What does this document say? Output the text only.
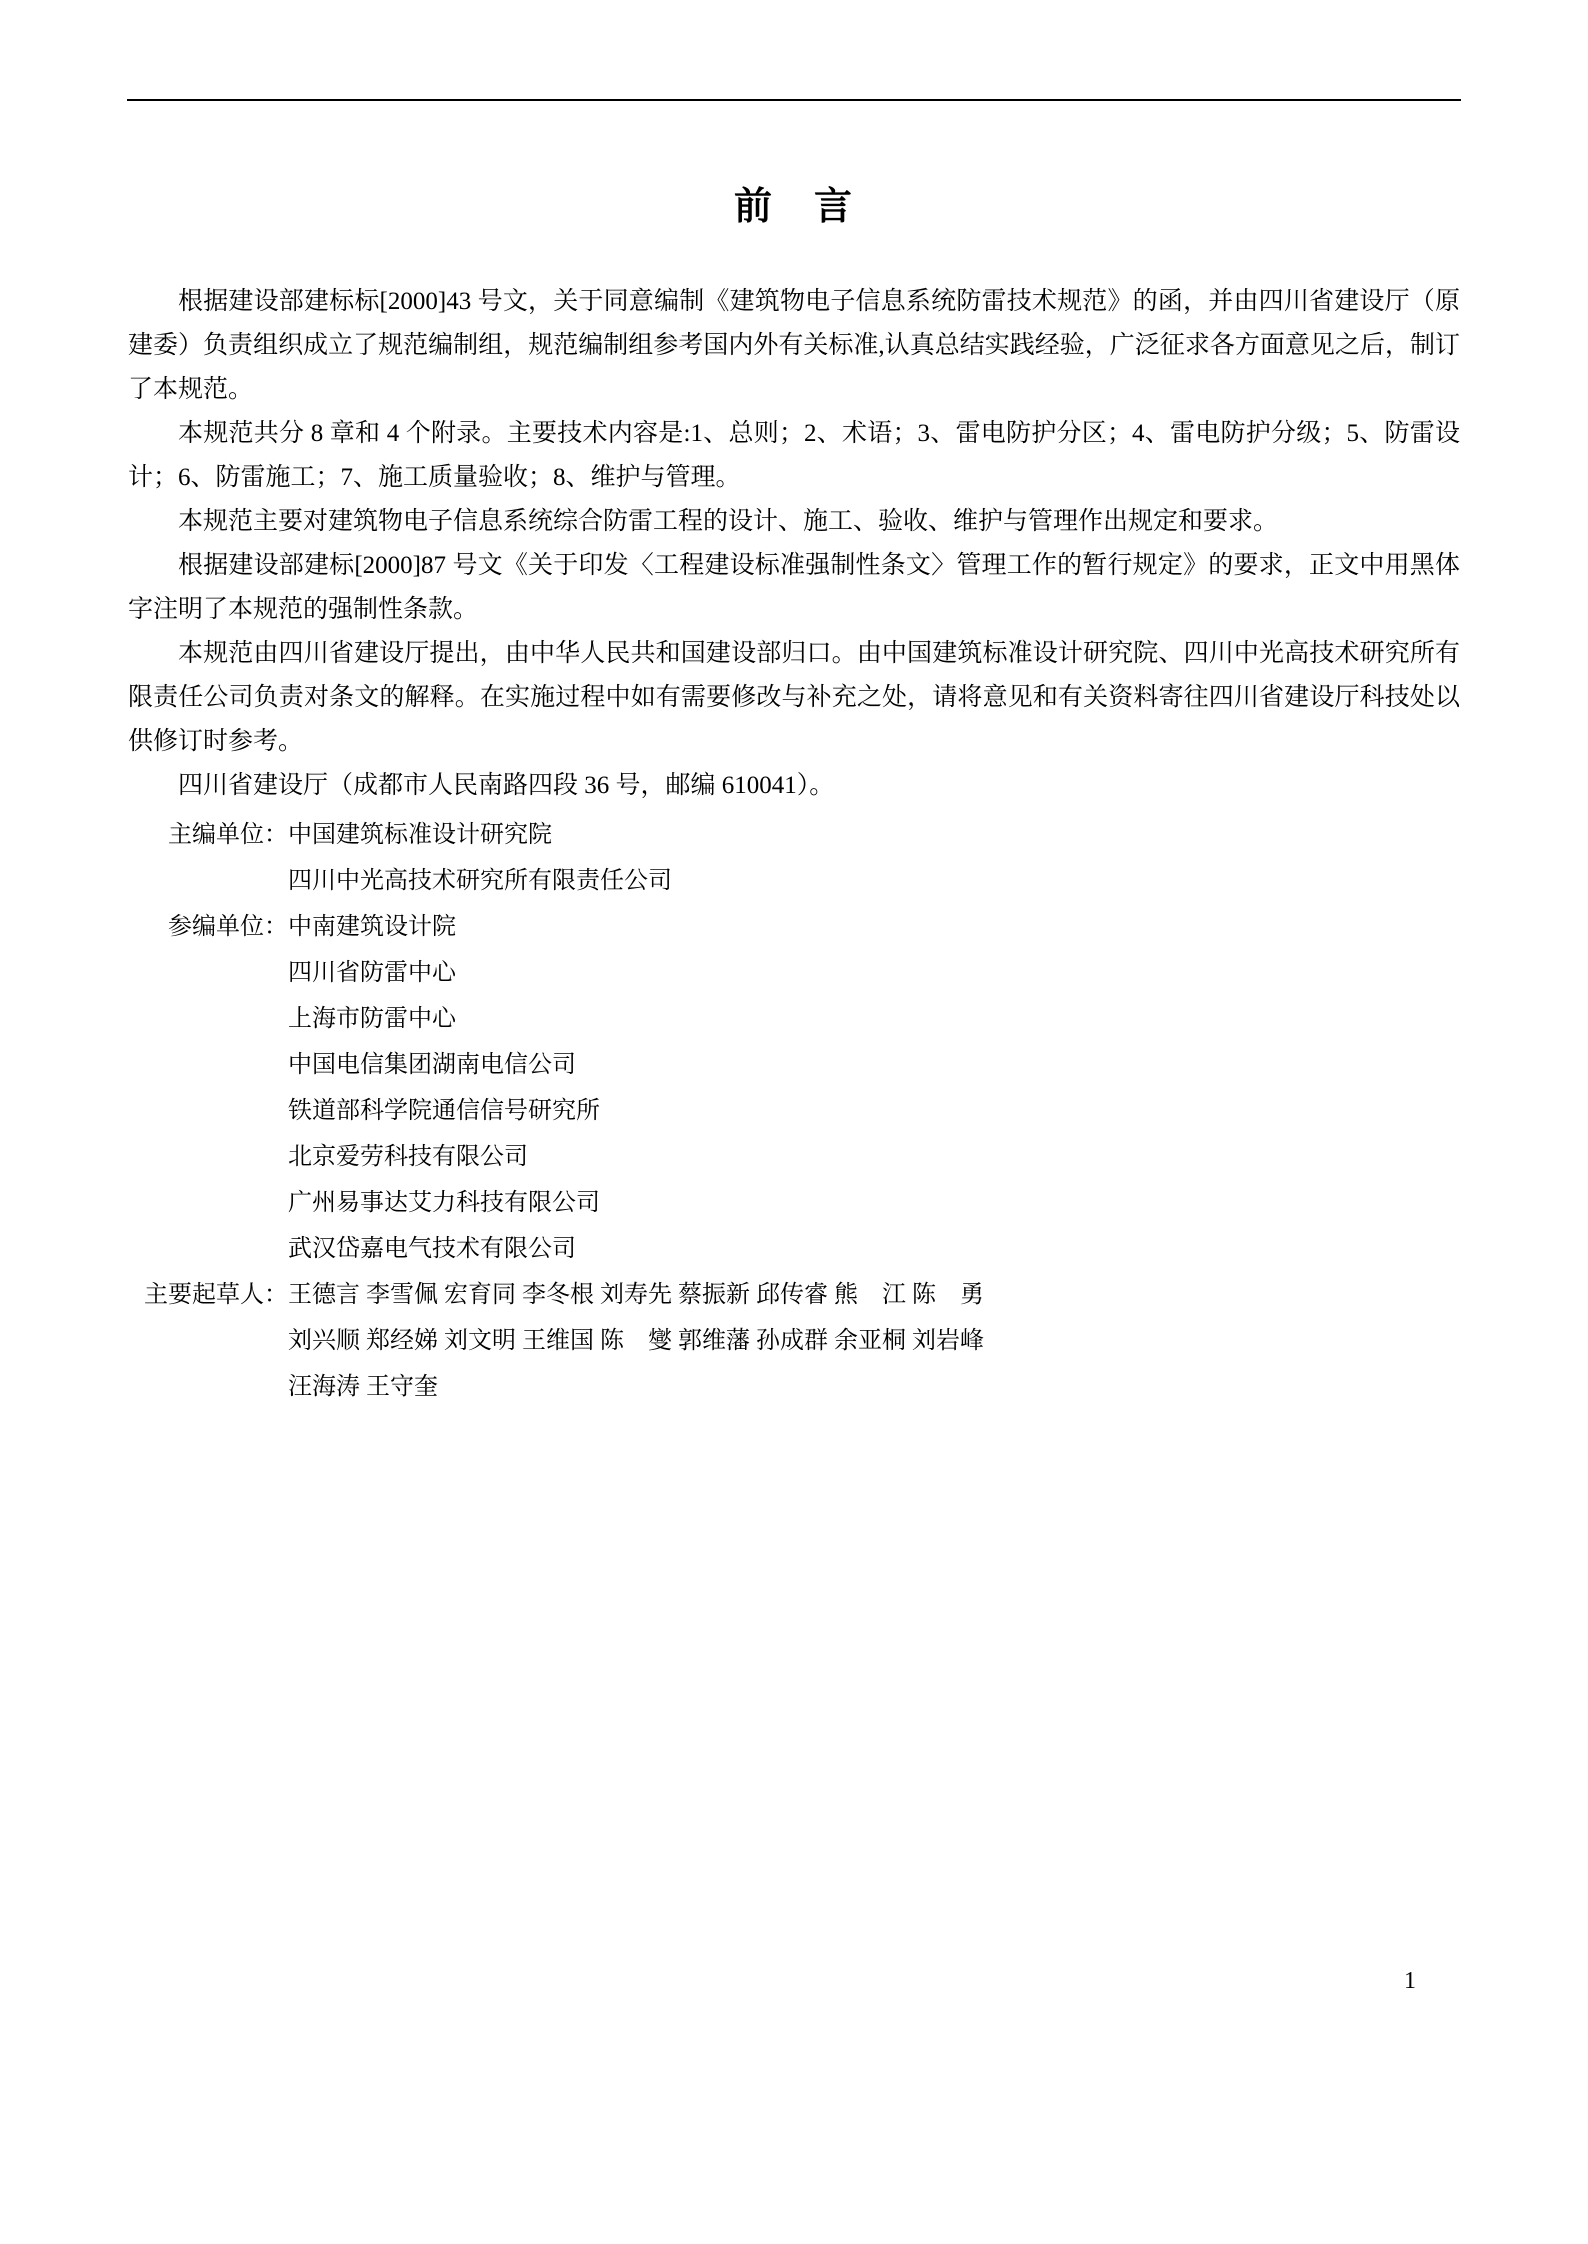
前　言

根据建设部建标标[2000]43 号文，关于同意编制《建筑物电子信息系统防雷技术规范》的函，并由四川省建设厅（原建委）负责组织成立了规范编制组，规范编制组参考国内外有关标准,认真总结实践经验，广泛征求各方面意见之后，制订了本规范。

本规范共分 8 章和 4 个附录。主要技术内容是:1、总则；2、术语；3、雷电防护分区；4、雷电防护分级；5、防雷设计；6、防雷施工；7、施工质量验收；8、维护与管理。

本规范主要对建筑物电子信息系统综合防雷工程的设计、施工、验收、维护与管理作出规定和要求。

根据建设部建标[2000]87 号文《关于印发〈工程建设标准强制性条文〉管理工作的暂行规定》的要求，正文中用黑体字注明了本规范的强制性条款。

本规范由四川省建设厅提出，由中华人民共和国建设部归口。由中国建筑标准设计研究院、四川中光高技术研究所有限责任公司负责对条文的解释。在实施过程中如有需要修改与补充之处，请将意见和有关资料寄往四川省建设厅科技处以供修订时参考。

四川省建设厅（成都市人民南路四段 36 号，邮编 610041）。

主编单位： 中国建筑标准设计研究院
四川中光高技术研究所有限责任公司
参编单位： 中南建筑设计院
四川省防雷中心
上海市防雷中心
中国电信集团湖南电信公司
铁道部科学院通信信号研究所
北京爱劳科技有限公司
广州易事达艾力科技有限公司
武汉岱嘉电气技术有限公司
主要起草人： 王德言 李雪佩 宏育同 李冬根 刘寿先 蔡振新 邱传睿 熊　江 陈　勇
刘兴顺 郑经娣 刘文明 王维国 陈　燮 郭维藩 孙成群 余亚桐 刘岩峰
汪海涛 王守奎
1
